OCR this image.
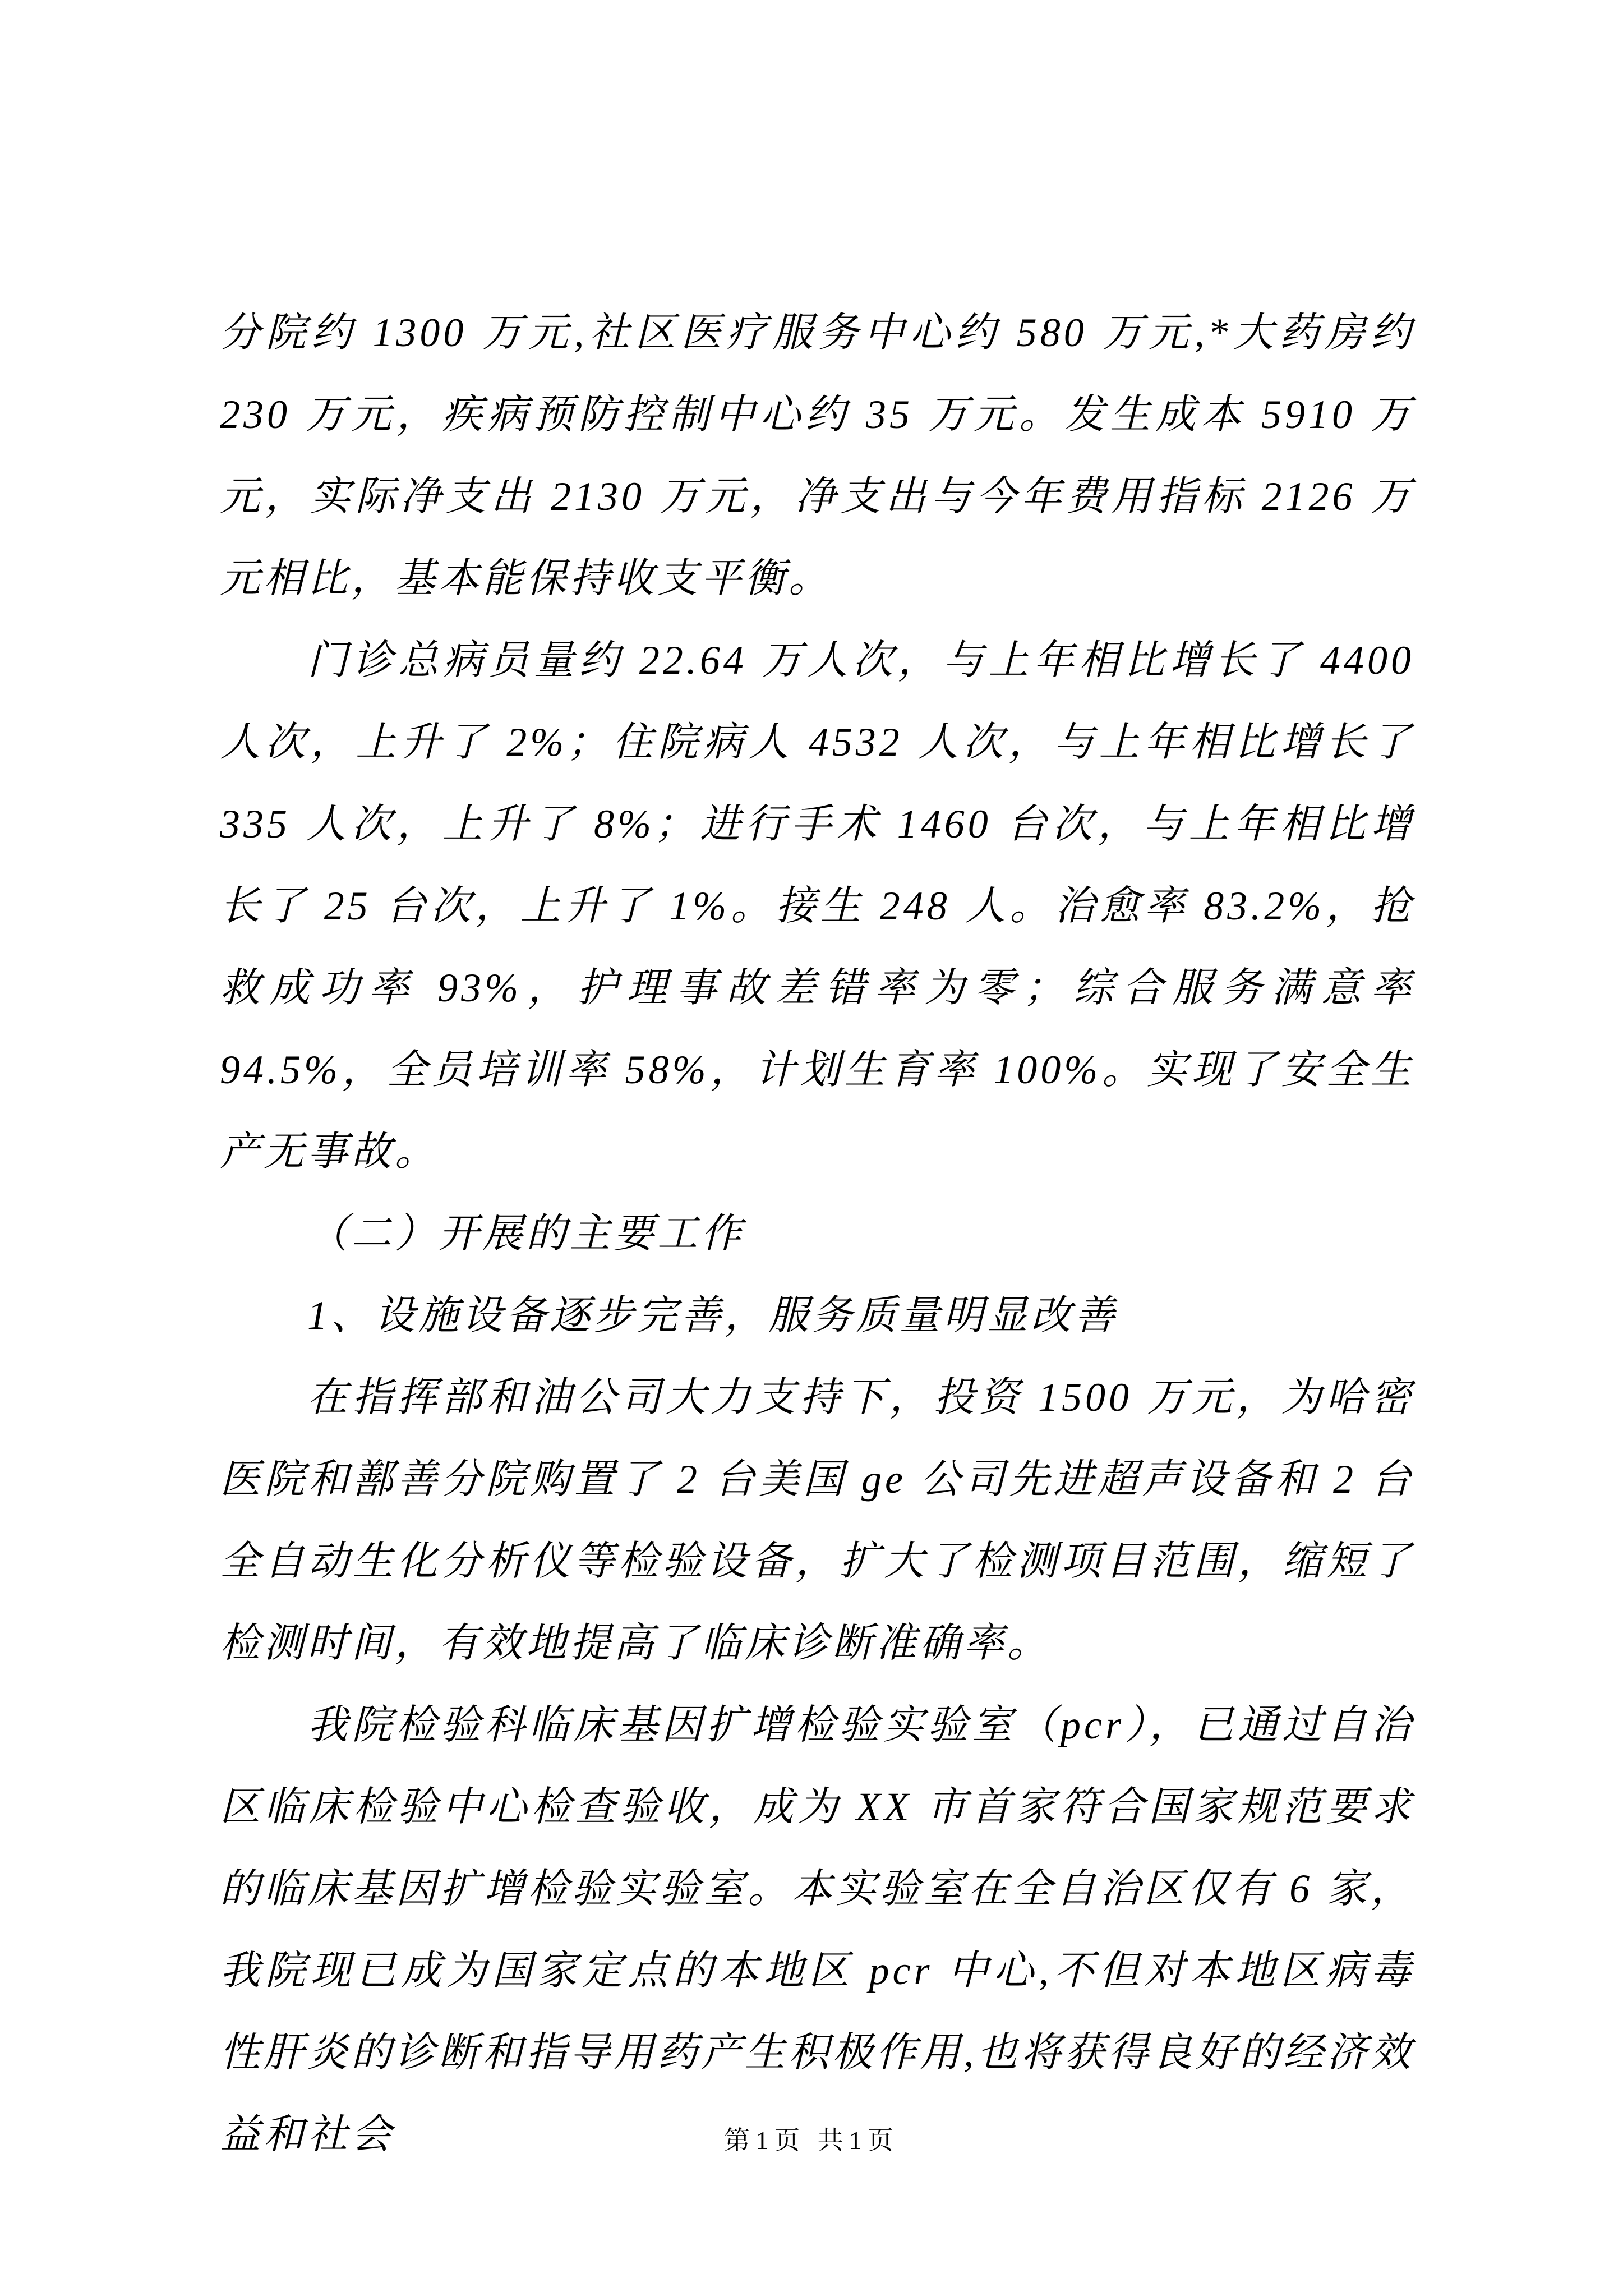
分院约 1300 万元,社区医疗服务中心约 580 万元,*大药房约 230 万元，疾病预防控制中心约 35 万元。发生成本 5910 万元，实际净支出 2130 万元，净支出与今年费用指标 2126 万元相比，基本能保持收支平衡。

门诊总病员量约 22.64 万人次，与上年相比增长了 4400 人次，上升了 2%；住院病人 4532 人次，与上年相比增长了 335 人次，上升了 8%；进行手术 1460 台次，与上年相比增长了 25 台次，上升了 1%。接生 248 人。治愈率 83.2%，抢救成功率 93%，护理事故差错率为零；综合服务满意率 94.5%，全员培训率 58%，计划生育率 100%。实现了安全生产无事故。

（二）开展的主要工作

1、设施设备逐步完善，服务质量明显改善

在指挥部和油公司大力支持下，投资 1500 万元，为哈密医院和鄯善分院购置了 2 台美国 ge 公司先进超声设备和 2 台全自动生化分析仪等检验设备，扩大了检测项目范围，缩短了检测时间，有效地提高了临床诊断准确率。

我院检验科临床基因扩增检验实验室（pcr），已通过自治区临床检验中心检查验收，成为 XX 市首家符合国家规范要求的临床基因扩增检验实验室。本实验室在全自治区仅有 6 家，我院现已成为国家定点的本地区 pcr 中心,不但对本地区病毒性肝炎的诊断和指导用药产生积极作用,也将获得良好的经济效益和社会	第1页 共1页
